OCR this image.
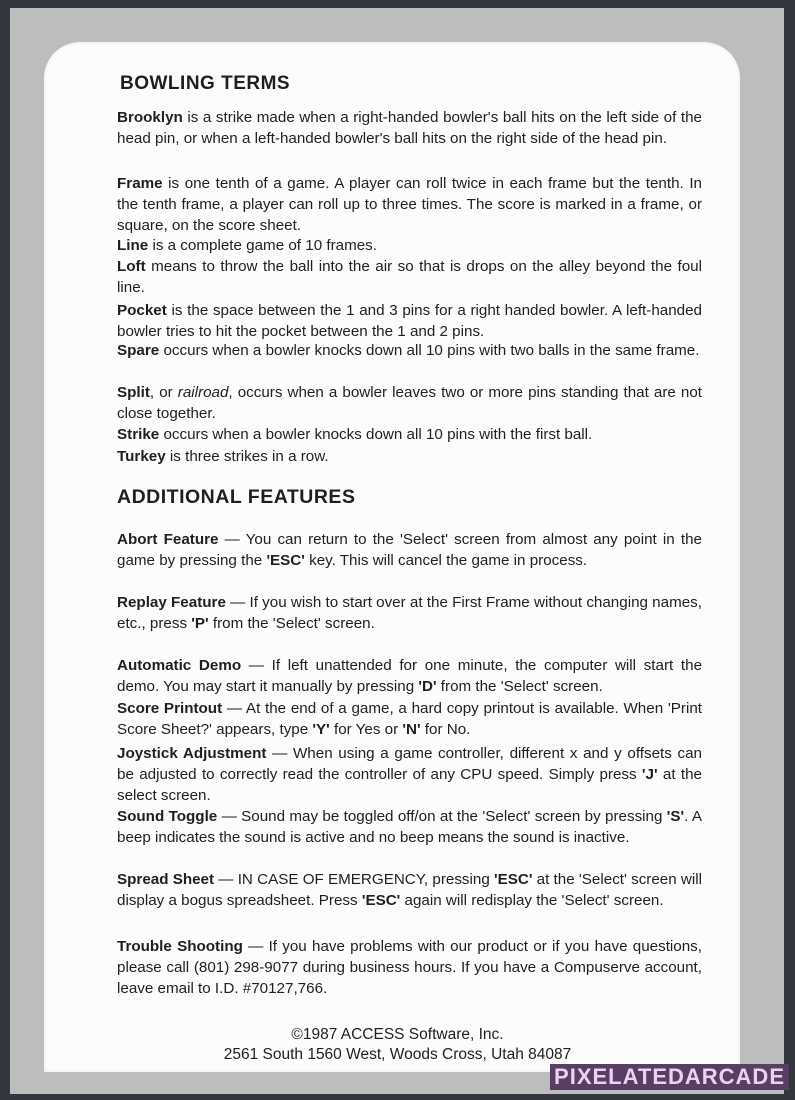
BOWLING TERMS
Brooklyn is a strike made when a right-handed bowler's ball hits on the left side of the head pin, or when a left-handed bowler's ball hits on the right side of the head pin.
Frame is one tenth of a game. A player can roll twice in each frame but the tenth. In the tenth frame, a player can roll up to three times. The score is marked in a frame, or square, on the score sheet.
Line is a complete game of 10 frames.
Loft means to throw the ball into the air so that is drops on the alley beyond the foul line.
Pocket is the space between the 1 and 3 pins for a right handed bowler. A left-handed bowler tries to hit the pocket between the 1 and 2 pins.
Spare occurs when a bowler knocks down all 10 pins with two balls in the same frame.
Split, or railroad, occurs when a bowler leaves two or more pins standing that are not close together.
Strike occurs when a bowler knocks down all 10 pins with the first ball.
Turkey is three strikes in a row.
ADDITIONAL FEATURES
Abort Feature — You can return to the 'Select' screen from almost any point in the game by pressing the 'ESC' key. This will cancel the game in process.
Replay Feature — If you wish to start over at the First Frame without changing names, etc., press 'P' from the 'Select' screen.
Automatic Demo — If left unattended for one minute, the computer will start the demo. You may start it manually by pressing 'D' from the 'Select' screen.
Score Printout — At the end of a game, a hard copy printout is available. When 'Print Score Sheet?' appears, type 'Y' for Yes or 'N' for No.
Joystick Adjustment — When using a game controller, different x and y offsets can be adjusted to correctly read the controller of any CPU speed. Simply press 'J' at the select screen.
Sound Toggle — Sound may be toggled off/on at the 'Select' screen by pressing 'S'. A beep indicates the sound is active and no beep means the sound is inactive.
Spread Sheet — IN CASE OF EMERGENCY, pressing 'ESC' at the 'Select' screen will display a bogus spreadsheet. Press 'ESC' again will redisplay the 'Select' screen.
Trouble Shooting — If you have problems with our product or if you have questions, please call (801) 298-9077 during business hours. If you have a Compuserve account, leave email to I.D. #70127,766.
©1987 ACCESS Software, Inc.
2561 South 1560 West, Woods Cross, Utah 84087
PIXELATEDARCADE
